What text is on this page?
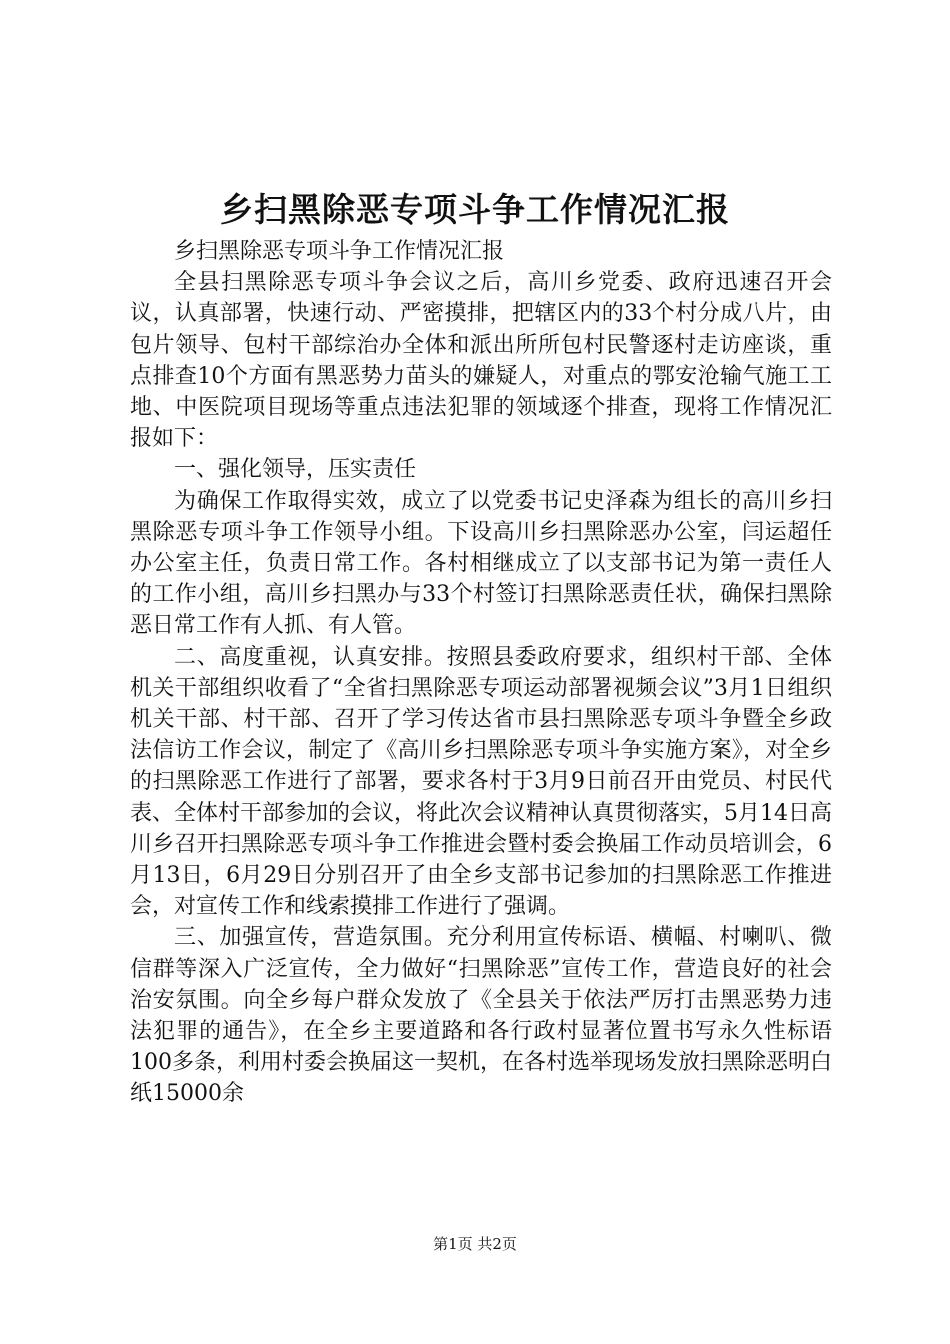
乡扫黑除恶专项斗争工作情况汇报

乡扫黑除恶专项斗争工作情况汇报

全县扫黑除恶专项斗争会议之后，高川乡党委、政府迅速召开会议，认真部署，快速行动、严密摸排，把辖区内的33个村分成八片，由包片领导、包村干部综治办全体和派出所所包村民警逐村走访座谈，重点排查10个方面有黑恶势力苗头的嫌疑人，对重点的鄂安沧输气施工工地、中医院项目现场等重点违法犯罪的领域逐个排查，现将工作情况汇报如下：

一、强化领导，压实责任

为确保工作取得实效，成立了以党委书记史泽森为组长的高川乡扫黑除恶专项斗争工作领导小组。下设高川乡扫黑除恶办公室，闫运超任办公室主任，负责日常工作。各村相继成立了以支部书记为第一责任人的工作小组，高川乡扫黑办与33个村签订扫黑除恶责任状，确保扫黑除恶日常工作有人抓、有人管。

二、高度重视，认真安排。按照县委政府要求，组织村干部、全体机关干部组织收看了“全省扫黑除恶专项运动部署视频会议”3月1日组织机关干部、村干部、召开了学习传达省市县扫黑除恶专项斗争暨全乡政法信访工作会议，制定了《高川乡扫黑除恶专项斗争实施方案》，对全乡的扫黑除恶工作进行了部署，要求各村于3月9日前召开由党员、村民代表、全体村干部参加的会议，将此次会议精神认真贯彻落实，5月14日高川乡召开扫黑除恶专项斗争工作推进会暨村委会换届工作动员培训会，6月13日，6月29日分别召开了由全乡支部书记参加的扫黑除恶工作推进会，对宣传工作和线索摸排工作进行了强调。

三、加强宣传，营造氛围。充分利用宣传标语、横幅、村喇叭、微信群等深入广泛宣传，全力做好“扫黑除恶”宣传工作，营造良好的社会治安氛围。向全乡每户群众发放了《全县关于依法严厉打击黑恶势力违法犯罪的通告》，在全乡主要道路和各行政村显著位置书写永久性标语100多条，利用村委会换届这一契机，在各村选举现场发放扫黑除恶明白纸15000余

第1页 共2页
